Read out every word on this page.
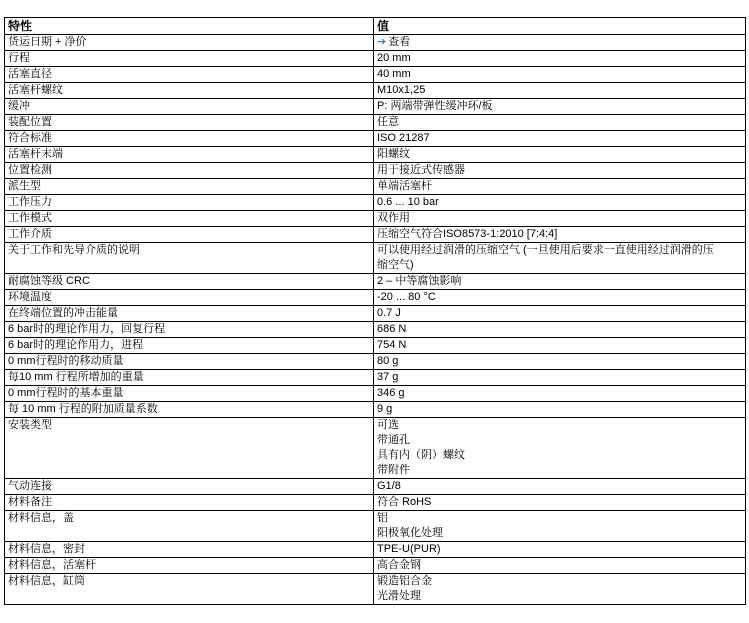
特性	值
货运日期 + 净价	➔ 查看

行程	20 mm

活塞直径	40 mm

活塞杆螺纹	M10x1,25

缓冲	P: 两端带弹性缓冲环/板

装配位置	任意

符合标准	ISO 21287

活塞杆末端	阳螺纹

位置检测	用于接近式传感器

派生型	单端活塞杆

工作压力	0.6 ... 10 bar

工作模式	双作用

工作介质	压缩空气符合ISO8573-1:2010 [7:4:4]

关于工作和先导介质的说明	可以使用经过润滑的压缩空气 (一旦使用后要求一直使用经过润滑的压
缩空气)

耐腐蚀等级 CRC	2 – 中等腐蚀影响

环境温度	-20 ... 80 °C

在终端位置的冲击能量	0.7 J

6 bar时的理论作用力，回复行程	686 N

6 bar时的理论作用力，进程	754 N

0 mm行程时的移动质量	80 g

每10 mm 行程所增加的重量	37 g

0 mm行程时的基本重量	346 g

每 10 mm 行程的附加质量系数	9 g

安装类型	可选
带通孔
具有内（阴）螺纹
带附件

气动连接	G1/8

材料备注	符合 RoHS

材料信息，盖	铝
阳极氧化处理

材料信息，密封	TPE-U(PUR)

材料信息，活塞杆	高合金钢

材料信息，缸筒	锻造铝合金
光滑处理
